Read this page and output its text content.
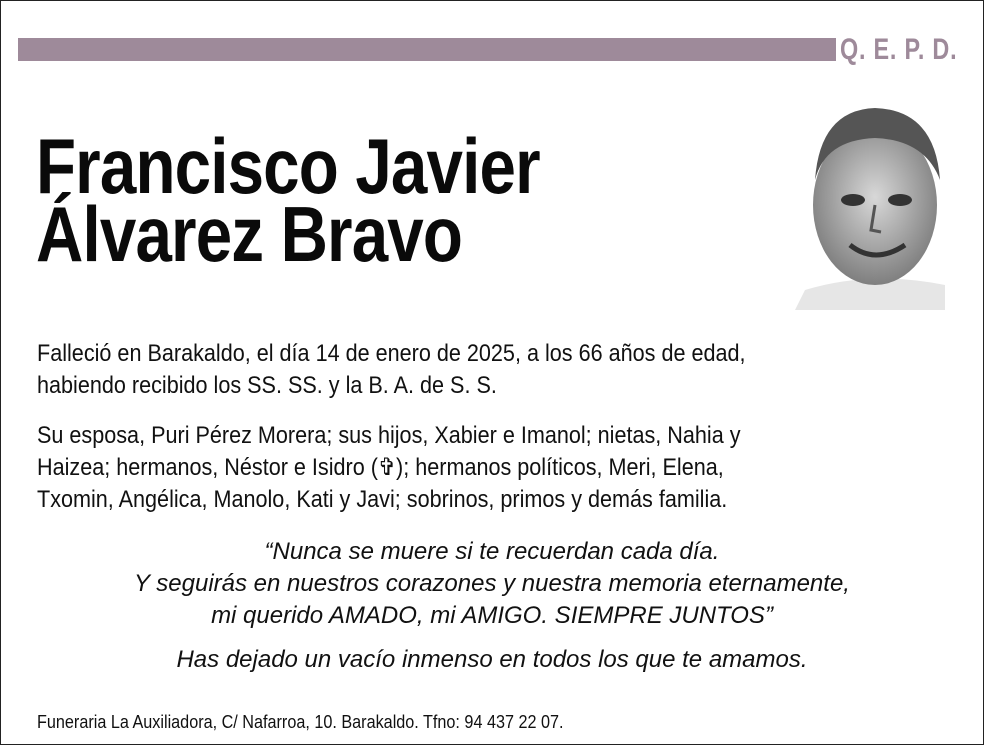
Q. E. P. D.
Francisco Javier
Álvarez Bravo
Falleció en Barakaldo, el día 14 de enero de 2025, a los 66 años de edad,
habiendo recibido los SS. SS. y la B. A. de S. S.
Su esposa, Puri Pérez Morera; sus hijos, Xabier e Imanol; nietas, Nahia y
Haizea; hermanos, Néstor e Isidro (✞); hermanos políticos, Meri, Elena,
Txomin, Angélica, Manolo, Kati y Javi; sobrinos, primos y demás familia.
“Nunca se muere si te recuerdan cada día.
Y seguirás en nuestros corazones y nuestra memoria eternamente,
mi querido AMADO, mi AMIGO. SIEMPRE JUNTOS”
Has dejado un vacío inmenso en todos los que te amamos.
Funeraria La Auxiliadora, C/ Nafarroa, 10. Barakaldo. Tfno: 94 437 22 07.
